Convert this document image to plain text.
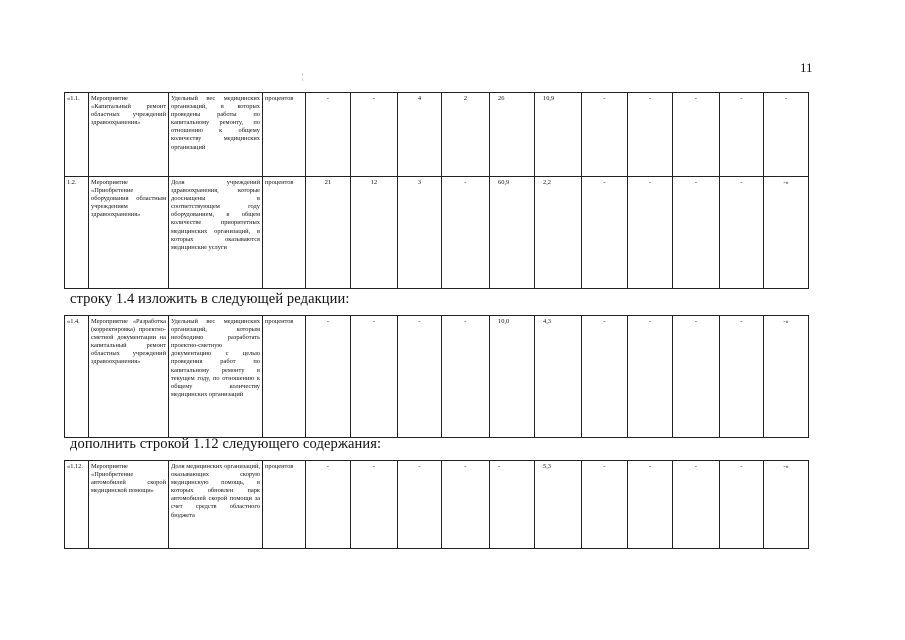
11
¦
«1.1.	Мероприятие «Капитальный ремонт областных учреждений здравоохранения»	Удельный вес медицинских организаций, в которых проведены работы по капитальному ремонту, по отношению к общему количеству медицинских организаций	процентов	-	-	4	2	26	10,9	-	-	-	-	-
1.2.	Мероприятие «Приобретение оборудования областным учреждениям здравоохранения»	Доля учреждений здравоохранения, которые дооснащены в соответствующем году оборудованием, в общем количестве приоритетных медицинских организаций, в которых оказываются медицинские услуги	процентов	21	12	3	-	60,9	2,2	-	-	-	-	-»
строку 1.4 изложить в следующей редакции:
«1.4.	Мероприятие «Разработка (корректировка) проектно-сметной документации на капитальный ремонт областных учреждений здравоохранения»	Удельный вес медицинских организаций, которым необходимо разработать проектно-сметную документацию с целью проведения работ по капитальному ремонту в текущем году, по отношению к общему количеству медицинских организаций	процентов	-	-	-	-	10,0	4,3	-	-	-	-	-»
дополнить строкой 1.12 следующего содержания:
«1.12.	Мероприятие «Приобретение автомобилей скорой медицинской помощи»	Доля медицинских организаций, оказывающих скорую медицинскую помощь, в которых обновлен парк автомобилей скорой помощи за счет средств областного бюджета	процентов	-	-	-	-	-	5,3	-	-	-	-	-»
